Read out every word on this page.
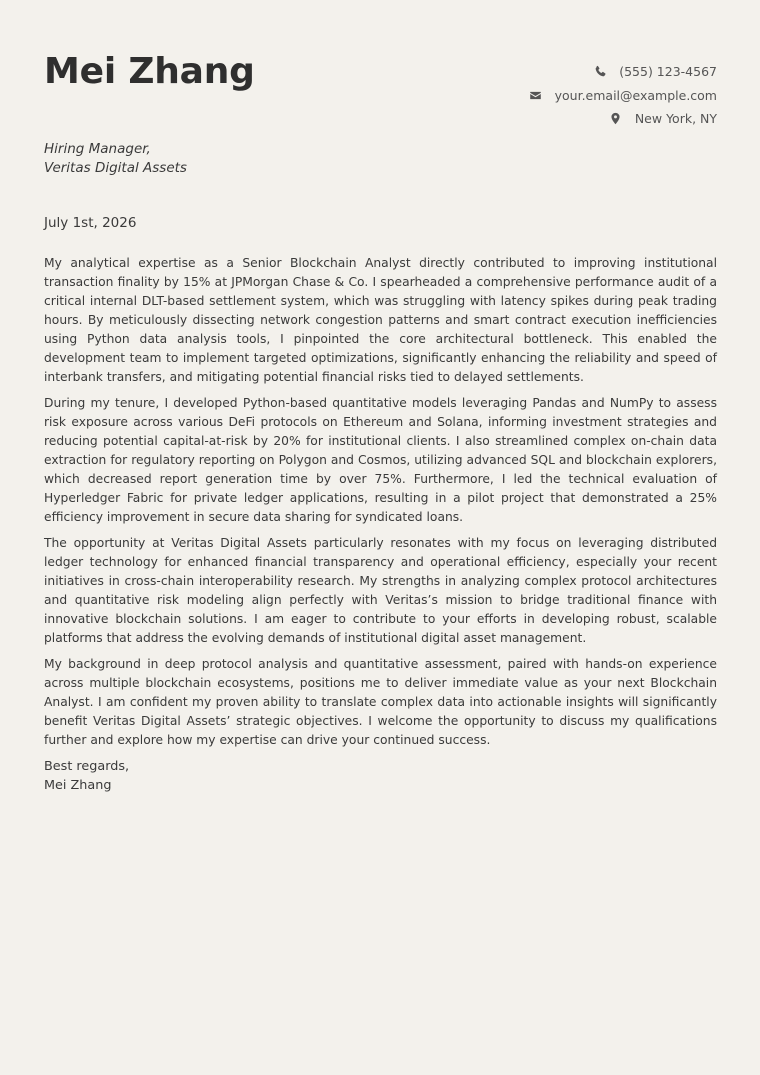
Mei Zhang	(555) 123-4567
your.email@example.com
New York, NY
Hiring Manager,
Veritas Digital Assets
July 1st, 2026

My analytical expertise as a Senior Blockchain Analyst directly contributed to improving institutional transaction finality by 15% at JPMorgan Chase & Co. I spearheaded a comprehensive performance audit of a critical internal DLT-based settlement system, which was struggling with latency spikes during peak trading hours. By meticulously dissecting network congestion patterns and smart contract execution inefficiencies using Python data analysis tools, I pinpointed the core architectural bottleneck. This enabled the development team to implement targeted optimizations, significantly enhancing the reliability and speed of interbank transfers, and mitigating potential financial risks tied to delayed settlements.

During my tenure, I developed Python-based quantitative models leveraging Pandas and NumPy to assess risk exposure across various DeFi protocols on Ethereum and Solana, informing investment strategies and reducing potential capital-at-risk by 20% for institutional clients. I also streamlined complex on-chain data extraction for regulatory reporting on Polygon and Cosmos, utilizing advanced SQL and blockchain explorers, which decreased report generation time by over 75%. Furthermore, I led the technical evaluation of Hyperledger Fabric for private ledger applications, resulting in a pilot project that demonstrated a 25% efficiency improvement in secure data sharing for syndicated loans.

The opportunity at Veritas Digital Assets particularly resonates with my focus on leveraging distributed ledger technology for enhanced financial transparency and operational efficiency, especially your recent initiatives in cross-chain interoperability research. My strengths in analyzing complex protocol architectures and quantitative risk modeling align perfectly with Veritas’s mission to bridge traditional finance with innovative blockchain solutions. I am eager to contribute to your efforts in developing robust, scalable platforms that address the evolving demands of institutional digital asset management.

My background in deep protocol analysis and quantitative assessment, paired with hands-on experience across multiple blockchain ecosystems, positions me to deliver immediate value as your next Blockchain Analyst. I am confident my proven ability to translate complex data into actionable insights will significantly benefit Veritas Digital Assets’ strategic objectives. I welcome the opportunity to discuss my qualifications further and explore how my expertise can drive your continued success.

Best regards,
Mei Zhang
